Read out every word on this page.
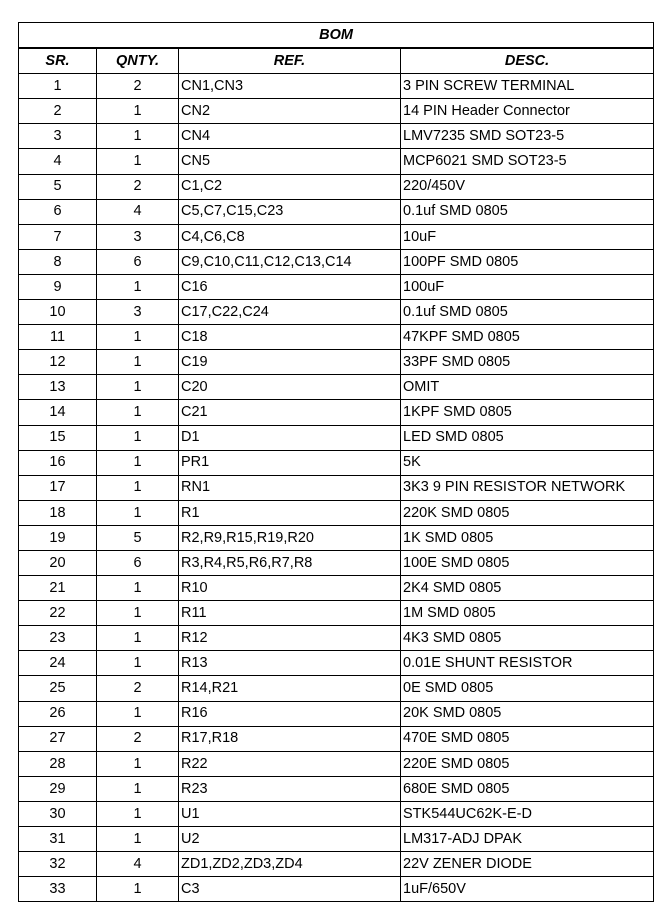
BOM			
SR.	QNTY.	REF.	DESC.
1	2	CN1,CN3	3 PIN SCREW TERMINAL
2	1	CN2	14 PIN Header Connector
3	1	CN4	LMV7235 SMD SOT23-5
4	1	CN5	MCP6021 SMD SOT23-5
5	2	C1,C2	220/450V
6	4	C5,C7,C15,C23	0.1uf SMD 0805
7	3	C4,C6,C8	10uF
8	6	C9,C10,C11,C12,C13,C14	100PF SMD 0805
9	1	C16	100uF
10	3	C17,C22,C24	0.1uf SMD 0805
11	1	C18	47KPF SMD 0805
12	1	C19	33PF SMD 0805
13	1	C20	OMIT
14	1	C21	1KPF SMD 0805
15	1	D1	LED SMD 0805
16	1	PR1	5K
17	1	RN1	3K3 9 PIN RESISTOR NETWORK
18	1	R1	220K SMD 0805
19	5	R2,R9,R15,R19,R20	1K SMD 0805
20	6	R3,R4,R5,R6,R7,R8	100E SMD 0805
21	1	R10	2K4 SMD 0805
22	1	R11	1M SMD 0805
23	1	R12	4K3 SMD 0805
24	1	R13	0.01E SHUNT RESISTOR
25	2	R14,R21	0E SMD 0805
26	1	R16	20K SMD 0805
27	2	R17,R18	470E SMD 0805
28	1	R22	220E SMD 0805
29	1	R23	680E SMD 0805
30	1	U1	STK544UC62K-E-D
31	1	U2	LM317-ADJ DPAK
32	4	ZD1,ZD2,ZD3,ZD4	22V ZENER DIODE
33	1	C3	1uF/650V
